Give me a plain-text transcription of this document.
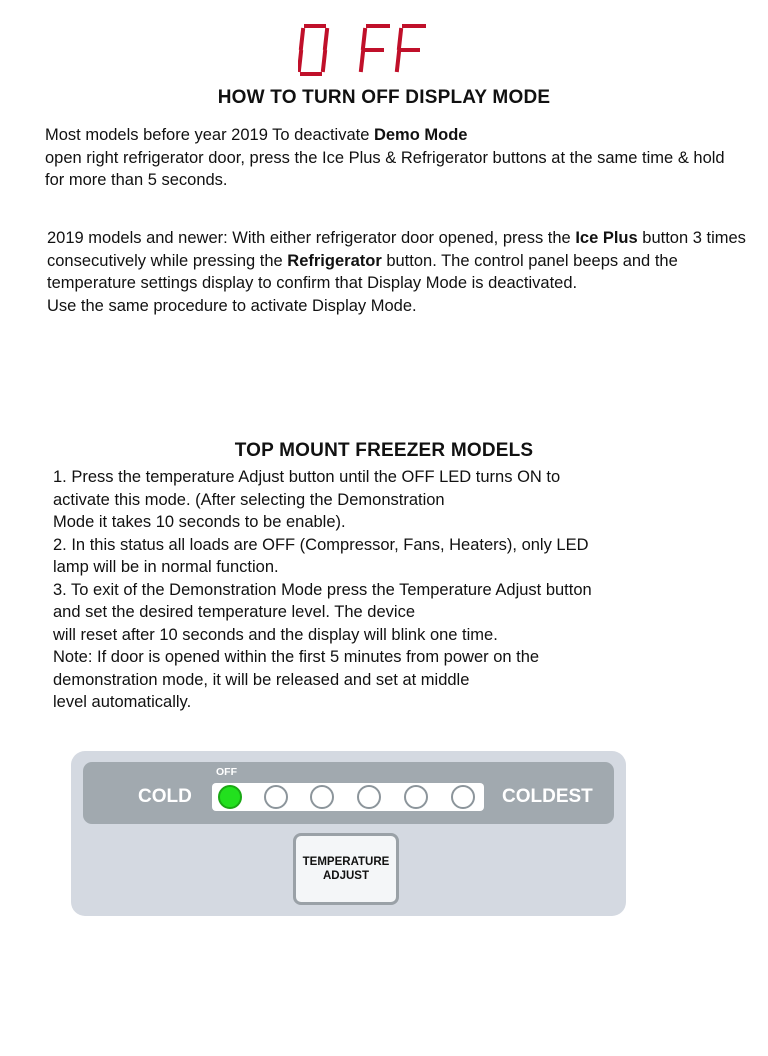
HOW TO TURN OFF DISPLAY MODE
Most models before year 2019 To deactivate Demo Mode
open right refrigerator door, press the Ice Plus & Refrigerator buttons at the same time & hold for more than 5 seconds.
2019 models and newer: With either refrigerator door opened, press the Ice Plus button 3 times consecutively while pressing the Refrigerator button. The control panel beeps and the temperature settings display to confirm that Display Mode is deactivated.
Use the same procedure to activate Display Mode.
TOP MOUNT FREEZER MODELS
1. Press the temperature Adjust button until the OFF LED turns ON to
activate this mode. (After selecting the Demonstration
Mode it takes 10 seconds to be enable).
2. In this status all loads are OFF (Compressor, Fans, Heaters), only LED
lamp will be in normal function.
3. To exit of the Demonstration Mode press the Temperature Adjust button
and set the desired temperature level. The device
will reset after 10 seconds and the display will blink one time.
Note: If door is opened within the first 5 minutes from power on the
demonstration mode, it will be released and set at middle
level automatically.
COLD
OFF
COLDEST
TEMPERATURE
ADJUST
